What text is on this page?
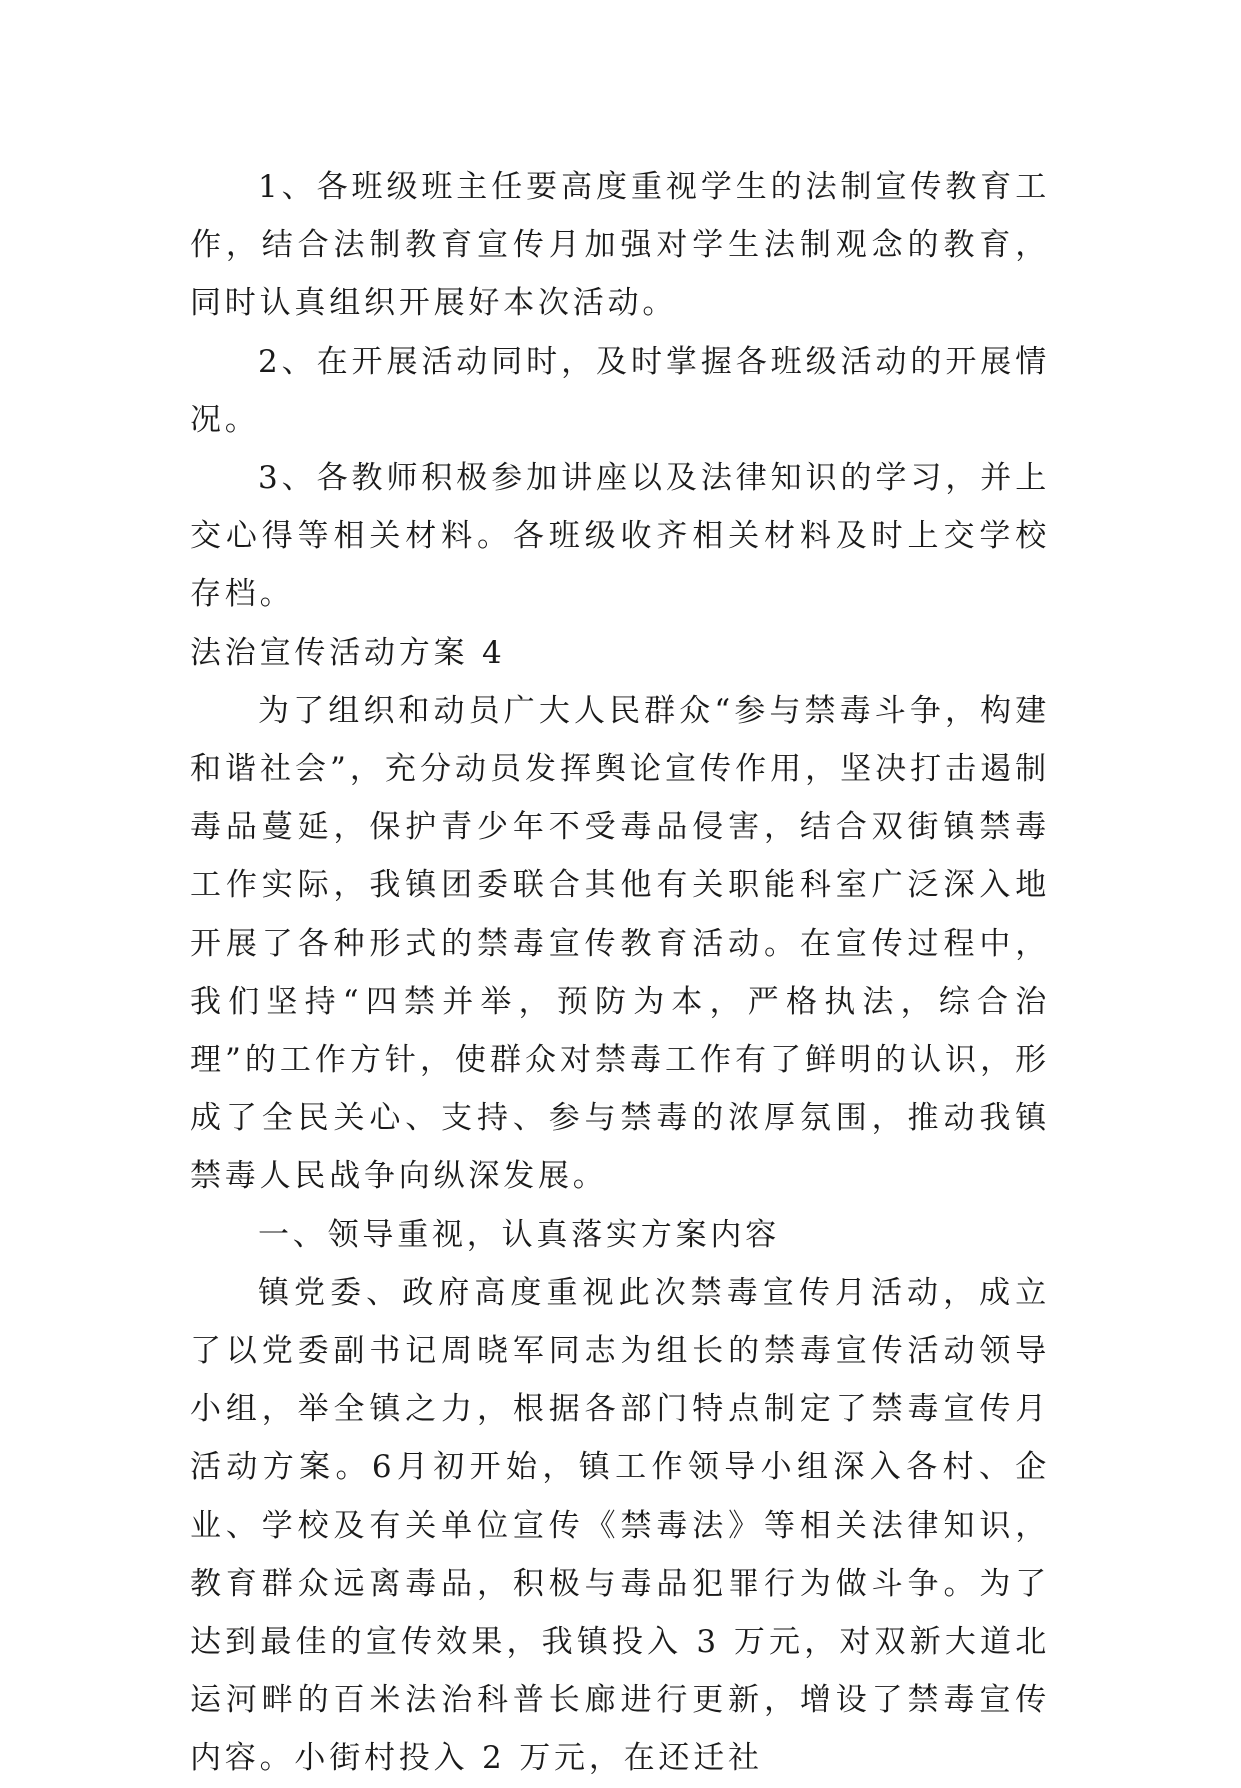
1、各班级班主任要高度重视学生的法制宣传教育工作，结合法制教育宣传月加强对学生法制观念的教育，同时认真组织开展好本次活动。

2、在开展活动同时，及时掌握各班级活动的开展情况。

3、各教师积极参加讲座以及法律知识的学习，并上交心得等相关材料。各班级收齐相关材料及时上交学校存档。

法治宣传活动方案 4

为了组织和动员广大人民群众“参与禁毒斗争，构建和谐社会”，充分动员发挥舆论宣传作用，坚决打击遏制毒品蔓延，保护青少年不受毒品侵害，结合双街镇禁毒工作实际，我镇团委联合其他有关职能科室广泛深入地开展了各种形式的禁毒宣传教育活动。在宣传过程中，我们坚持“四禁并举，预防为本，严格执法，综合治理”的工作方针，使群众对禁毒工作有了鲜明的认识，形成了全民关心、支持、参与禁毒的浓厚氛围，推动我镇禁毒人民战争向纵深发展。

一、领导重视，认真落实方案内容

镇党委、政府高度重视此次禁毒宣传月活动，成立了以党委副书记周晓军同志为组长的禁毒宣传活动领导小组，举全镇之力，根据各部门特点制定了禁毒宣传月活动方案。6月初开始，镇工作领导小组深入各村、企业、学校及有关单位宣传《禁毒法》等相关法律知识，教育群众远离毒品，积极与毒品犯罪行为做斗争。为了达到最佳的宣传效果，我镇投入 3 万元，对双新大道北运河畔的百米法治科普长廊进行更新，增设了禁毒宣传内容。小街村投入 2 万元，在还迁社
